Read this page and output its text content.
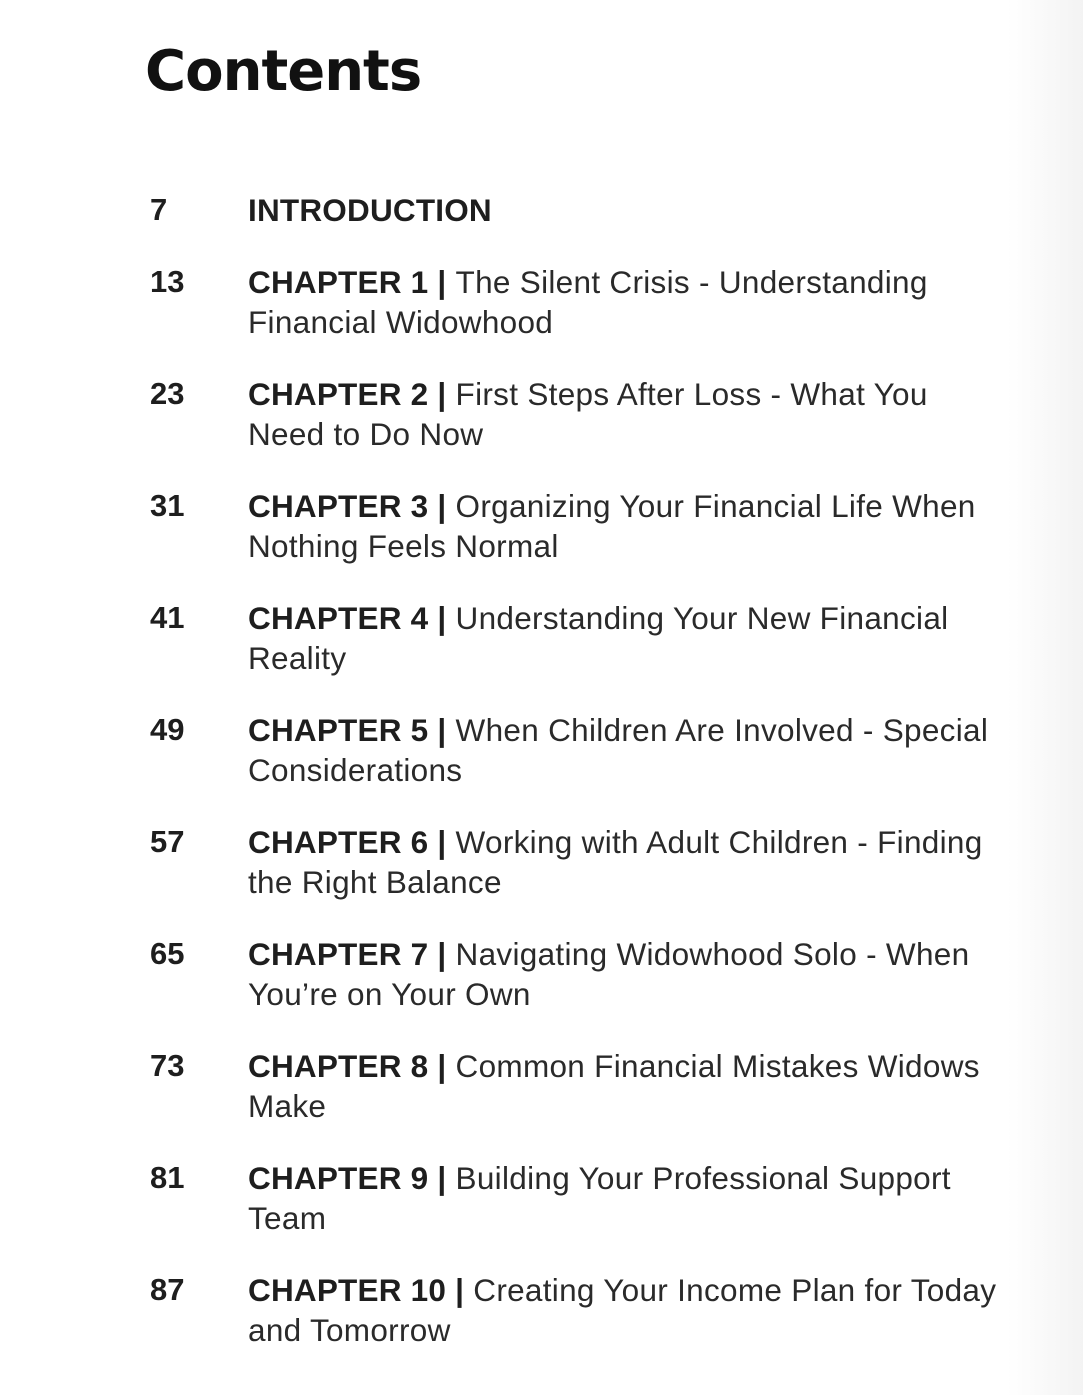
Contents
7	INTRODUCTION
13	CHAPTER 1 | The Silent Crisis - Understanding Financial Widowhood
23	CHAPTER 2 | First Steps After Loss - What You Need to Do Now
31	CHAPTER 3 | Organizing Your Financial Life When Nothing Feels Normal
41	CHAPTER 4 | Understanding Your New Financial Reality
49	CHAPTER 5 | When Children Are Involved - Special Considerations
57	CHAPTER 6 | Working with Adult Children - Finding the Right Balance
65	CHAPTER 7 | Navigating Widowhood Solo - When You’re on Your Own
73	CHAPTER 8 | Common Financial Mistakes Widows Make
81	CHAPTER 9 | Building Your Professional Support Team
87	CHAPTER 10 | Creating Your Income Plan for Today and Tomorrow
